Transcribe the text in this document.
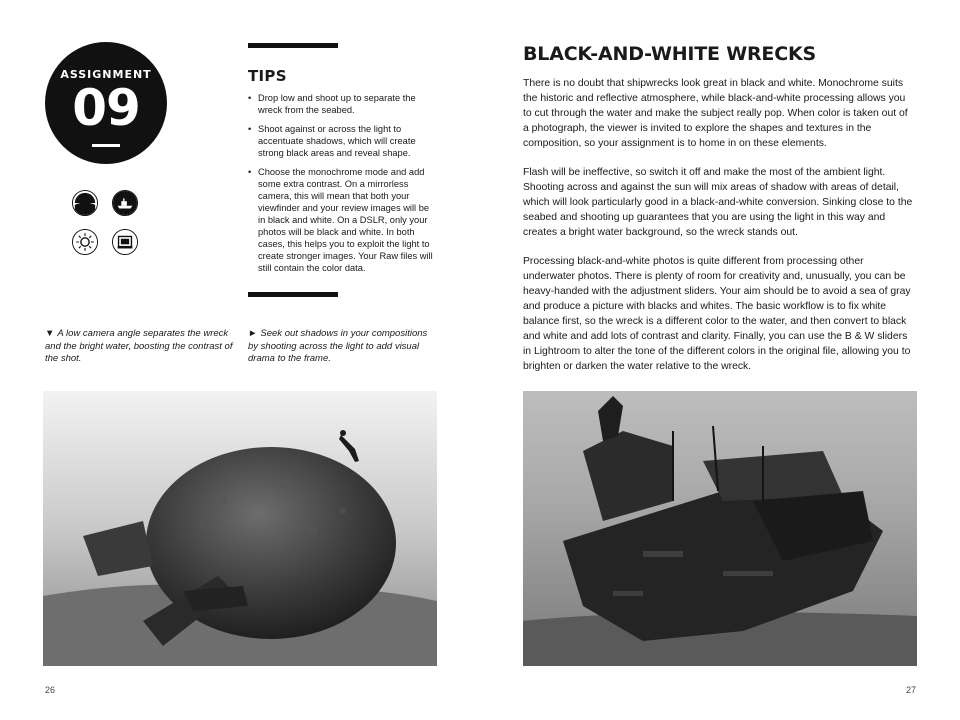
ASSIGNMENT
09
TIPS
• Drop low and shoot up to separate the wreck from the seabed.
• Shoot against or across the light to accentuate shadows, which will create strong black areas and reveal shape.
• Choose the monochrome mode and add some extra contrast. On a mirrorless camera, this will mean that both your viewfinder and your review images will be in black and white. On a DSLR, only your photos will be black and white. In both cases, this helps you to exploit the light to create stronger images. Your Raw files will still contain the color data.
▼ A low camera angle separates the wreck and the bright water, boosting the contrast of the shot.
► Seek out shadows in your compositions by shooting across the light to add visual drama to the frame.
26
BLACK-AND-WHITE WRECKS

There is no doubt that shipwrecks look great in black and white. Monochrome suits the historic and reflective atmosphere, while black-and-white processing allows you to cut through the water and make the subject really pop. When color is taken out of a photograph, the viewer is invited to explore the shapes and textures in the composition, so your assignment is to home in on these elements.

Flash will be ineffective, so switch it off and make the most of the ambient light. Shooting across and against the sun will mix areas of shadow with areas of detail, which will look particularly good in a black-and-white conversion. Sinking close to the seabed and shooting up guarantees that you are using the light in this way and creates a bright water background, so the wreck stands out.

Processing black-and-white photos is quite different from processing other underwater photos. There is plenty of room for creativity and, unusually, you can be heavy-handed with the adjustment sliders. Your aim should be to avoid a sea of gray and produce a picture with blacks and whites. The basic workflow is to fix white balance first, so the wreck is a different color to the water, and then convert to black and white and add lots of contrast and clarity. Finally, you can use the B & W sliders in Lightroom to alter the tone of the different colors in the original file, allowing you to brighten or darken the water relative to the wreck.

27
